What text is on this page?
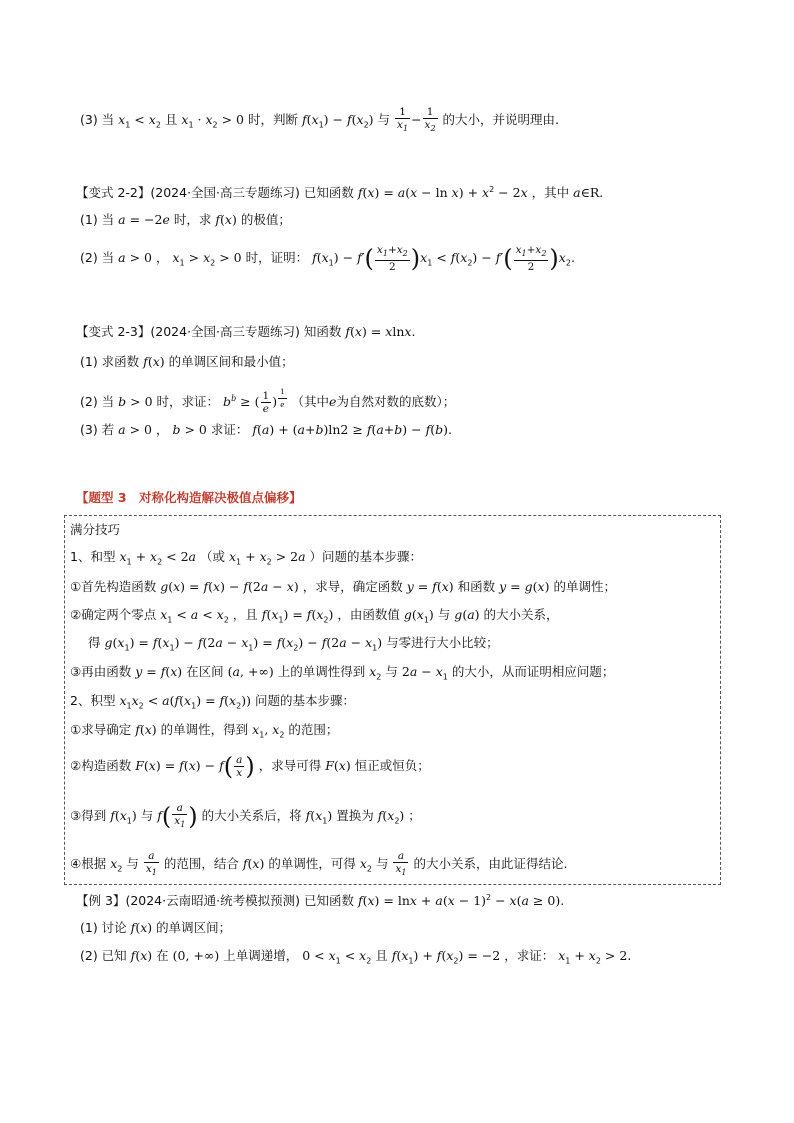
(3) 当 $x_1 < x_2$ 且 $x_1 \cdot x_2 > 0$ 时，判断 $f(x_1) - f(x_2)$ 与 $\frac{1}{x_1} - \frac{1}{x_2}$ 的大小，并说明理由.
【变式 2-2】(2024·全国·高三专题练习) 已知函数 $f(x) = a(x - \ln x) + x^2 - 2x$ ，其中 a∈R.
(1) 当 a = −2e 时，求 f(x) 的极值；
(2) 当 a > 0 ， $x_1 > x_2 > 0$ 时，证明： $f(x_1) - f'( \frac{x_1+x_2}{2} )x_1 < f(x_2) - f'( \frac{x_1+x_2}{2} )x_2$.
【变式 2-3】(2024·全国·高三专题练习) 知函数 f(x) = xlnx.
(1) 求函数 f(x) 的单调区间和最小值；
(2) 当 b > 0 时，求证： $b^b$ ≥ ( $\frac{1}{e}$ ) $^{\frac{1}{e}}$ （其中e为自然对数的底数）；
(3) 若 a > 0 ， b > 0 求证： f(a) + (a+b)ln2 ≥ f(a+b) − f(b).
【题型 3　对称化构造解决极值点偏移】
满分技巧
1、和型 $x_1 + x_2 < 2a$ （或 $x_1 + x_2 > 2a$ ）问题的基本步骤：
①首先构造函数 g(x) = f(x) − f(2a − x) ，求导，确定函数 y = f(x) 和函数 y = g(x) 的单调性；
②确定两个零点 $x_1 < a < x_2$ ，且 $f(x_1) = f(x_2)$ ，由函数值 $g(x_1)$ 与 g(a) 的大小关系，
得 $g(x_1) = f(x_1) - f(2a - x_1) = f(x_2) - f(2a - x_1)$ 与零进行大小比较；
③再由函数 y = f(x) 在区间 (a, +∞) 上的单调性得到 $x_2$ 与 $2a - x_1$ 的大小，从而证明相应问题；
2、积型 $x_1x_2 < a(f(x_1) = f(x_2))$ 问题的基本步骤：
①求导确定 f(x) 的单调性，得到 $x_1$, $x_2$ 的范围；
②构造函数 $F(x) = f(x) - f( \frac{a}{x}$ ) ，求导可得 F(x) 恒正或恒负；
③得到 $f(x_1)$ 与 $f( \frac{a}{x_1}$ ) 的大小关系后，将 $f(x_1)$ 置换为 $f(x_2)$ ；
④根据 $x_2$ 与 $\frac{a}{x_1}$ 的范围，结合 f(x) 的单调性，可得 $x_2$ 与 $\frac{a}{x_1}$ 的大小关系，由此证得结论.
【例 3】(2024·云南昭通·统考模拟预测) 已知函数 $f(x) = \ln x + a(x - 1)^2 - x(a \ge 0)$.
(1) 讨论 f(x) 的单调区间；
(2) 已知 f(x) 在 (0, +∞) 上单调递增， $0 < x_1 < x_2$ 且 $f(x_1) + f(x_2) = -2$ ，求证： $x_1 + x_2 > 2$.
